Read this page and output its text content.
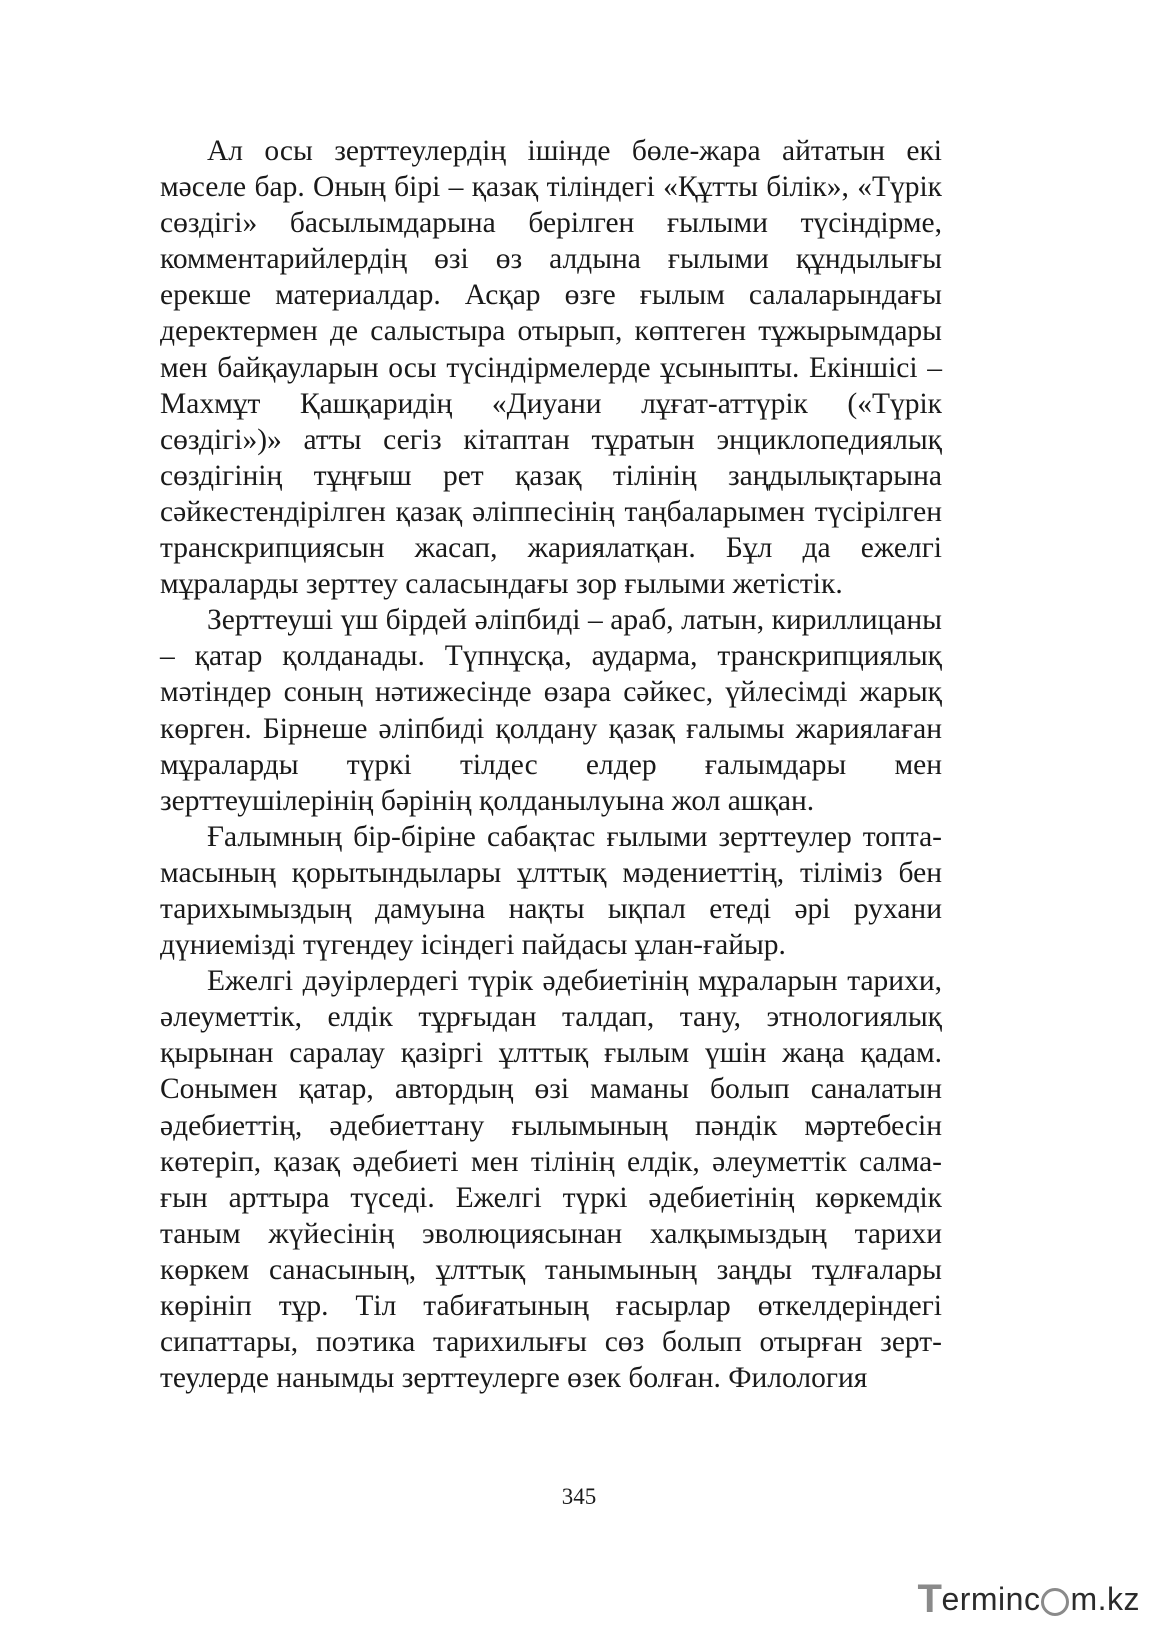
Ал осы зерттеулердің ішінде бөле-жара айтатын екі мәселе бар. Оның бірі – қазақ тіліндегі «Құтты білік», «Түрік сөздігі» басылымдарына берілген ғылыми түсіндірме, комментарийлердің өзі өз алдына ғылыми құндылығы ерекше материалдар. Асқар өзге ғылым салаларындағы деректермен де салыстыра отырып, көптеген тұжырымдары мен байқауларын осы түсіндірмелерде ұсыныпты. Екіншісі – Махмұт Қашқаридің «Диуани лұғат-аттүрік («Түрік сөздігі»)» атты сегіз кітаптан тұратын энциклопедиялық сөздігінің тұңғыш рет қазақ тілінің заңдылықтарына сәйкестендірілген қазақ әліппесінің таңбаларымен түсірілген транскрипциясын жасап, жариялатқан. Бұл да ежелгі мұраларды зерттеу саласындағы зор ғылыми жетістік.

Зерттеуші үш бірдей әліпбиді – араб, латын, кириллицаны – қатар қолданады. Түпнұсқа, аударма, транскрипциялық мәтіндер соның нәтижесінде өзара сәйкес, үйлесімді жарық көрген. Бірнеше әліпбиді қолдану қазақ ғалымы жариялаған мұраларды түркі тілдес елдер ғалымдары мен зерттеушілерінің бәрінің қолданылуына жол ашқан.

Ғалымның бір-біріне сабақтас ғылыми зерттеулер топтамасының қорытындылары ұлттық мәдениеттің, тіліміз бен тарихымыздың дамуына нақты ықпал етеді әрі рухани дүниемізді түгендеу ісіндегі пайдасы ұлан-ғайыр.

Ежелгі дәуірлердегі түрік әдебиетінің мұраларын тарихи, әлеуметтік, елдік тұрғыдан талдап, тану, этнологиялық қырынан саралау қазіргі ұлттық ғылым үшін жаңа қадам. Сонымен қатар, автордың өзі маманы болып саналатын әдебиеттің, әдебиеттану ғылымының пәндік мәртебесін көтеріп, қазақ әдебиеті мен тілінің елдік, әлеуметтік салмағын арттыра түседі. Ежелгі түркі әдебиетінің көркемдік таным жүйесінің эволюциясынан халқымыздың тарихи көркем санасының, ұлттық танымының заңды тұлғалары көрініп тұр. Тіл табиғатының ғасырлар өткелдеріндегі сипаттары, поэтика тарихилығы сөз болып отырған зерттеулерде нанымды зерттеулерге өзек болған. Филология

345
T erminc m.kz
